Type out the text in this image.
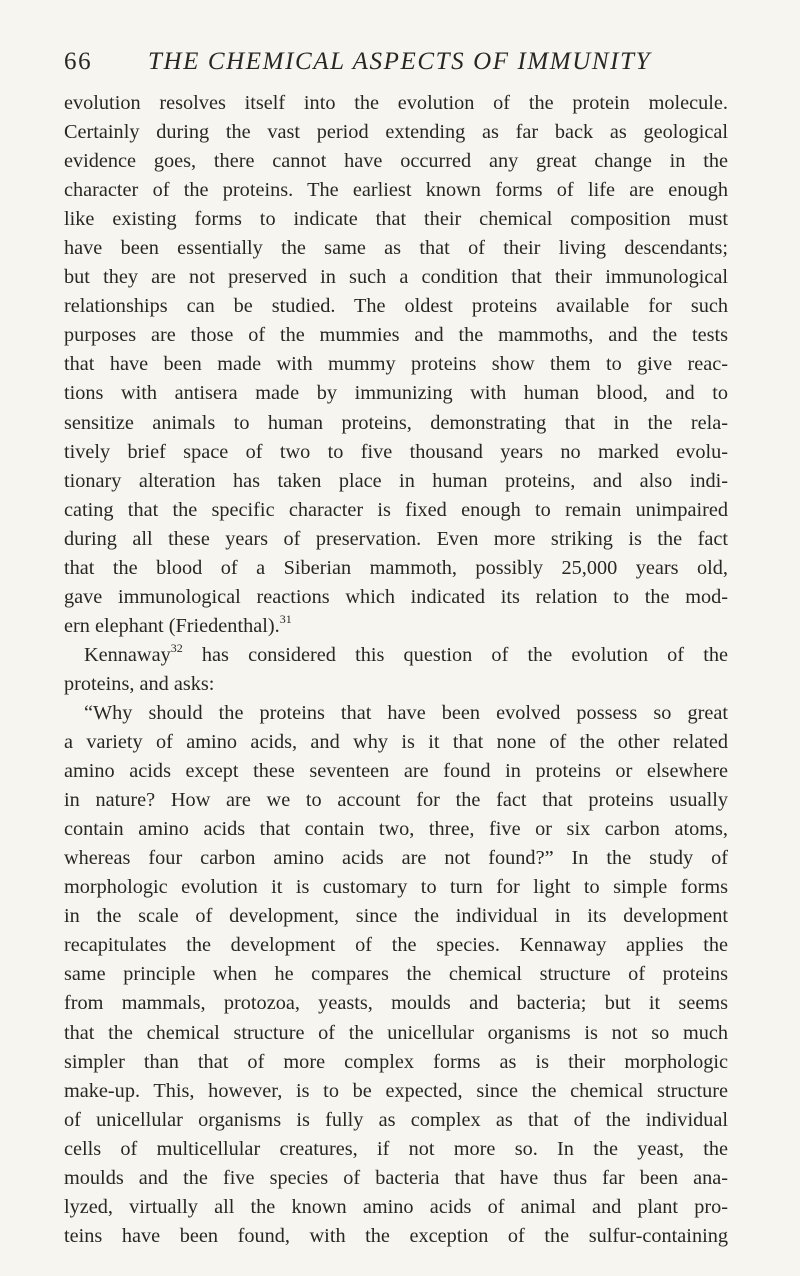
66 THE CHEMICAL ASPECTS OF IMMUNITY
evolution resolves itself into the evolution of the protein molecule.
Certainly during the vast period extending as far back as geological
evidence goes, there cannot have occurred any great change in the
character of the proteins. The earliest known forms of life are enough
like existing forms to indicate that their chemical composition must
have been essentially the same as that of their living descendants;
but they are not preserved in such a condition that their immunological
relationships can be studied. The oldest proteins available for such
purposes are those of the mummies and the mammoths, and the tests
that have been made with mummy proteins show them to give reac-
tions with antisera made by immunizing with human blood, and to
sensitize animals to human proteins, demonstrating that in the rela-
tively brief space of two to five thousand years no marked evolu-
tionary alteration has taken place in human proteins, and also indi-
cating that the specific character is fixed enough to remain unimpaired
during all these years of preservation. Even more striking is the fact
that the blood of a Siberian mammoth, possibly 25,000 years old,
gave immunological reactions which indicated its relation to the mod-
ern elephant (Friedenthal).$^{31}$
Kennaway$^{32}$ has considered this question of the evolution of the
proteins, and asks:
“Why should the proteins that have been evolved possess so great
a variety of amino acids, and why is it that none of the other related
amino acids except these seventeen are found in proteins or elsewhere
in nature? How are we to account for the fact that proteins usually
contain amino acids that contain two, three, five or six carbon atoms,
whereas four carbon amino acids are not found?” In the study of
morphologic evolution it is customary to turn for light to simple forms
in the scale of development, since the individual in its development
recapitulates the development of the species. Kennaway applies the
same principle when he compares the chemical structure of proteins
from mammals, protozoa, yeasts, moulds and bacteria; but it seems
that the chemical structure of the unicellular organisms is not so much
simpler than that of more complex forms as is their morphologic
make-up. This, however, is to be expected, since the chemical structure
of unicellular organisms is fully as complex as that of the individual
cells of multicellular creatures, if not more so. In the yeast, the
moulds and the five species of bacteria that have thus far been ana-
lyzed, virtually all the known amino acids of animal and plant pro-
teins have been found, with the exception of the sulfur-containing
